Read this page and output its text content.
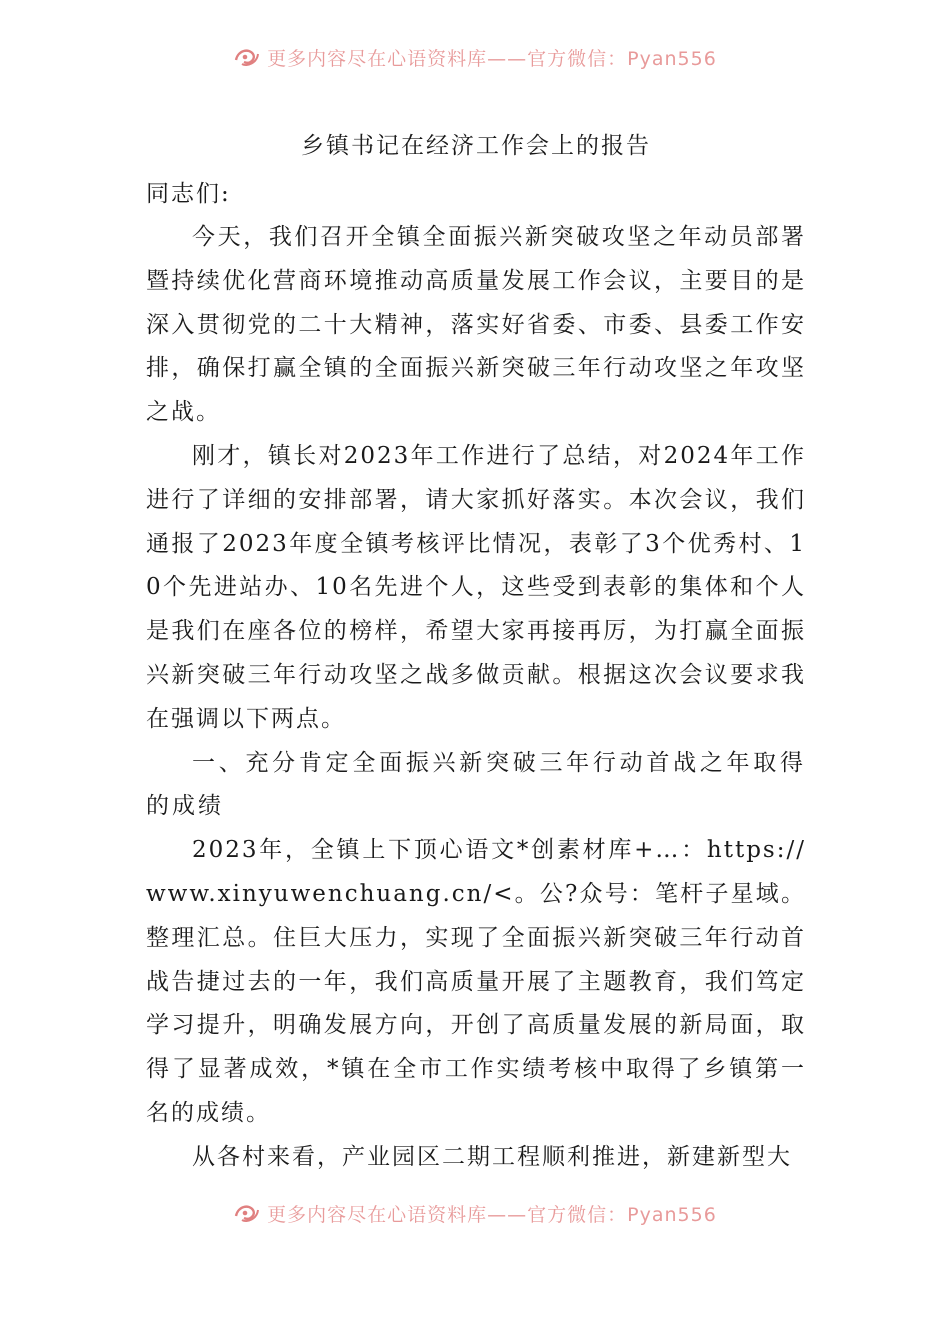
更多内容尽在心语资料库——官方微信：Pyan556

乡镇书记在经济工作会上的报告

同志们:

今天，我们召开全镇全面振兴新突破攻坚之年动员部署暨持续优化营商环境推动高质量发展工作会议，主要目的是深入贯彻党的二十大精神，落实好省委、市委、县委工作安排，确保打赢全镇的全面振兴新突破三年行动攻坚之年攻坚之战。

刚才，镇长对2023年工作进行了总结，对2024年工作进行了详细的安排部署，请大家抓好落实。本次会议，我们通报了2023年度全镇考核评比情况，表彰了3个优秀村、10个先进站办、10名先进个人，这些受到表彰的集体和个人是我们在座各位的榜样，希望大家再接再厉，为打赢全面振兴新突破三年行动攻坚之战多做贡献。根据这次会议要求我在强调以下两点。

一、充分肯定全面振兴新突破三年行动首战之年取得的成绩

2023年，全镇上下顶心语文*创素材库+…：https://www.xinyuwenchuang.cn/<。公?众号：笔杆子星域。整理汇总。住巨大压力，实现了全面振兴新突破三年行动首战告捷过去的一年，我们高质量开展了主题教育，我们笃定学习提升，明确发展方向，开创了高质量发展的新局面，取得了显著成效，*镇在全市工作实绩考核中取得了乡镇第一名的成绩。

从各村来看，产业园区二期工程顺利推进，新建新型大

更多内容尽在心语资料库——官方微信：Pyan556
